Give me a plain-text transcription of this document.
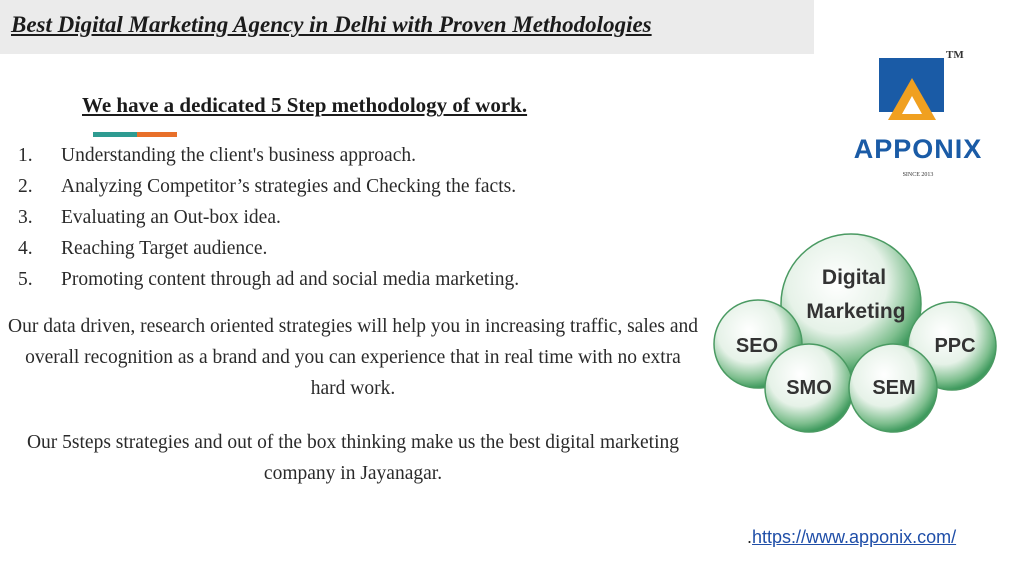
Best Digital Marketing Agency in Delhi with Proven Methodologies
We have a dedicated 5 Step methodology of work.
1.	Understanding the client's business approach.
2.	Analyzing Competitor’s strategies and Checking the facts.
3.	Evaluating an Out-box idea.
4.	Reaching Target audience.
5.	Promoting content through ad and social media marketing.

Our data driven, research oriented strategies will help you in increasing traffic, sales and overall recognition as a brand and you can experience that in real time with no extra hard work.

Our 5steps strategies and out of the box thinking make us the best digital marketing company in Jayanagar.

TM
APPONIX
SINCE 2013
Digital
Marketing
SEO	PPC
SMO SEM
.https://www.apponix.com/
